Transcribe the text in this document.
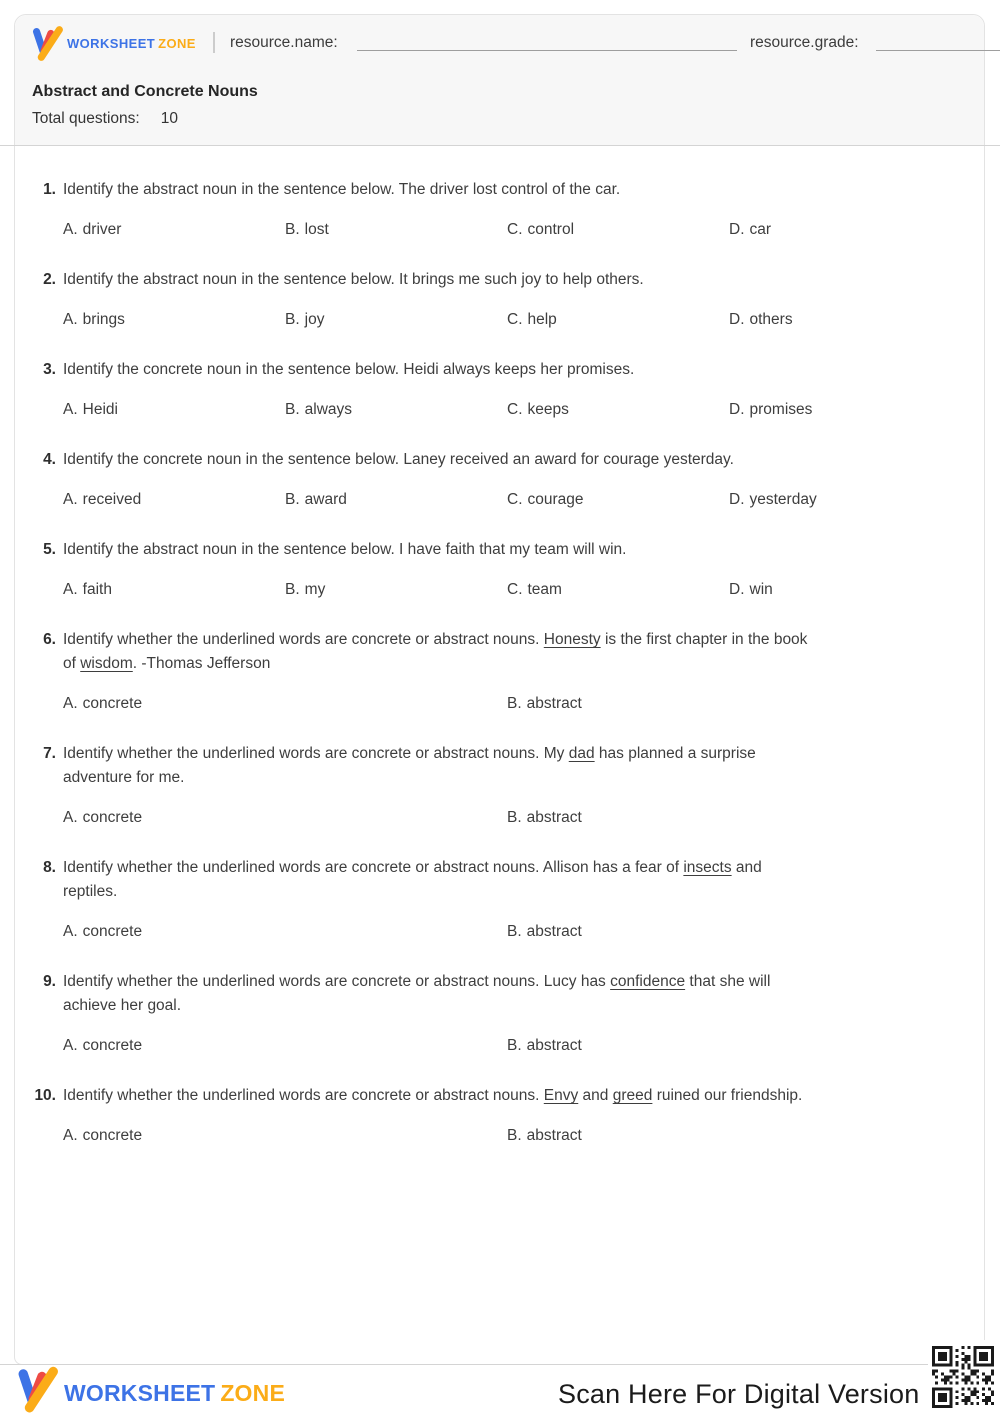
WORKSHEET ZONE resource.name:	resource.grade:
Abstract and Concrete Nouns
Total questions: 10
1. Identify the abstract noun in the sentence below. The driver lost control of the car.
A. driver	B. lost	C. control	D. car
2. Identify the abstract noun in the sentence below. It brings me such joy to help others.
A. brings	B. joy	C. help	D. others
3. Identify the concrete noun in the sentence below. Heidi always keeps her promises.
A. Heidi	B. always	C. keeps	D. promises
4. Identify the concrete noun in the sentence below. Laney received an award for courage yesterday.
A. received	B. award	C. courage	D. yesterday
5. Identify the abstract noun in the sentence below. I have faith that my team will win.
A. faith	B. my	C. team	D. win
6. Identify whether the underlined words are concrete or abstract nouns. Honesty is the first chapter in the book
of wisdom. -Thomas Jefferson
A. concrete	B. abstract
7. Identify whether the underlined words are concrete or abstract nouns. My dad has planned a surprise
adventure for me.
A. concrete	B. abstract
8. Identify whether the underlined words are concrete or abstract nouns. Allison has a fear of insects and
reptiles.
A. concrete	B. abstract
9. Identify whether the underlined words are concrete or abstract nouns. Lucy has confidence that she will
achieve her goal.
A. concrete	B. abstract
10. Identify whether the underlined words are concrete or abstract nouns. Envy and greed ruined our friendship.
A. concrete	B. abstract
WORKSHEET ZONE	Scan Here For Digital Version
